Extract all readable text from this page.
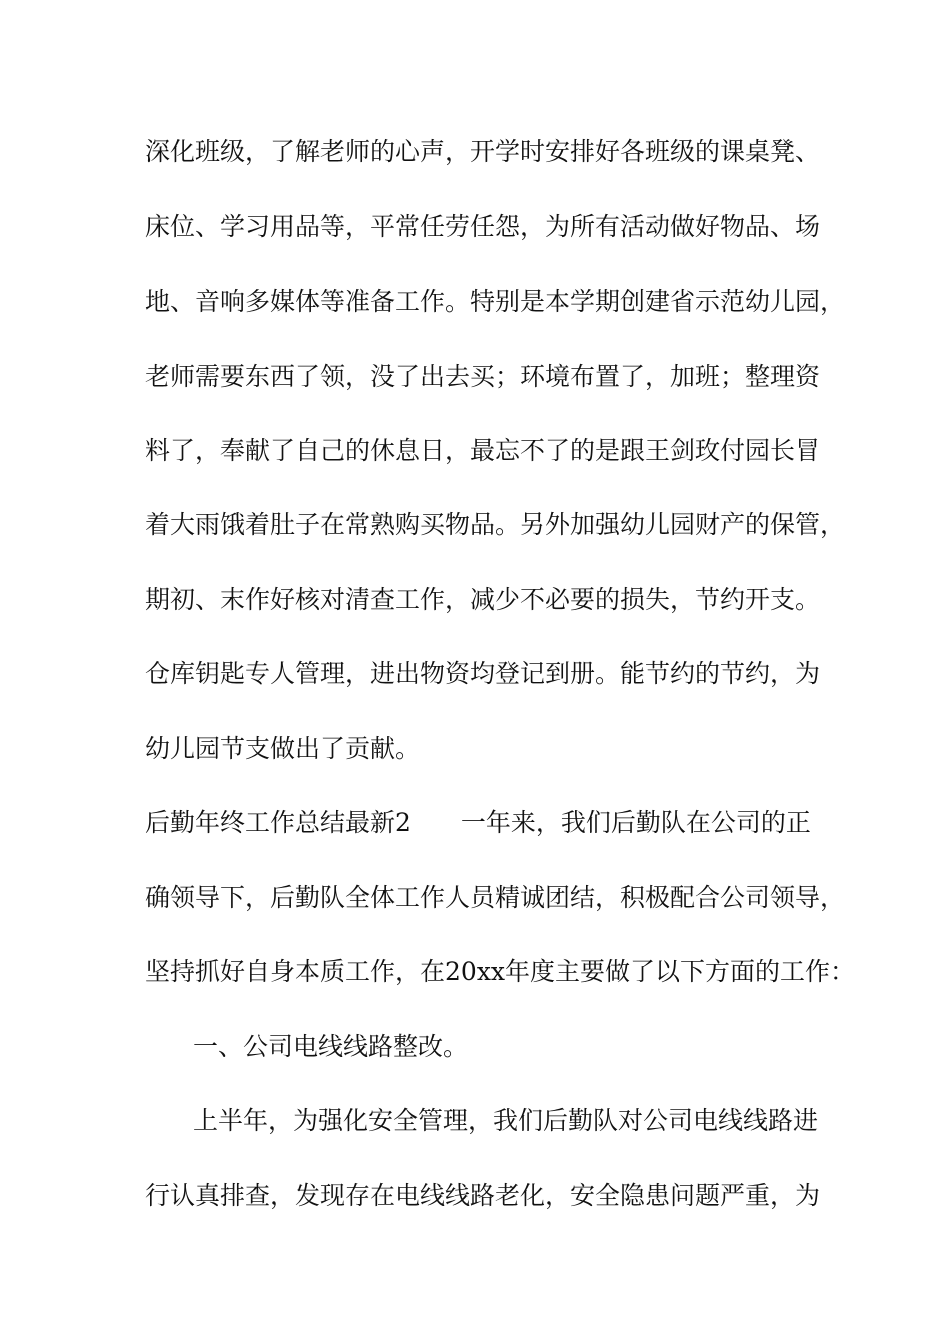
深化班级，了解老师的心声，开学时安排好各班级的课桌凳、
床位、学习用品等，平常任劳任怨，为所有活动做好物品、场
地、音响多媒体等准备工作。特别是本学期创建省示范幼儿园，
老师需要东西了领，没了出去买；环境布置了，加班；整理资
料了，奉献了自己的休息日，最忘不了的是跟王剑玫付园长冒
着大雨饿着肚子在常熟购买物品。另外加强幼儿园财产的保管，
期初、末作好核对清查工作，减少不必要的损失，节约开支。
仓库钥匙专人管理，进出物资均登记到册。能节约的节约，为
幼儿园节支做出了贡献。
后勤年终工作总结最新2　　一年来，我们后勤队在公司的正
确领导下，后勤队全体工作人员精诚团结，积极配合公司领导，
坚持抓好自身本质工作，在20xx年度主要做了以下方面的工作：
一、公司电线线路整改。
上半年，为强化安全管理，我们后勤队对公司电线线路进
行认真排查，发现存在电线线路老化，安全隐患问题严重，为
